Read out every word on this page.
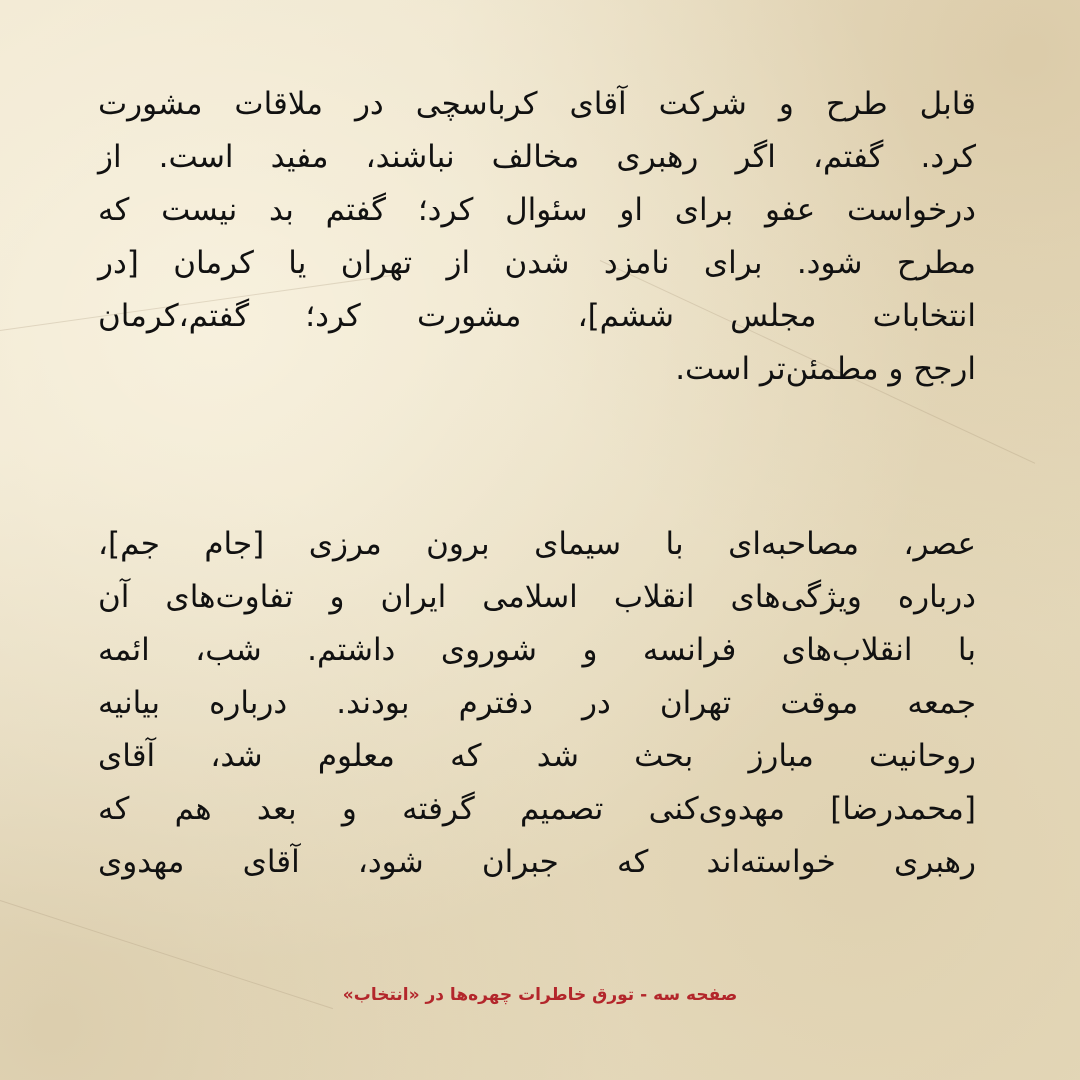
قابل طرح و شرکت آقای کرباسچی در ملاقات مشورت
کرد. گفتم، اگر رهبری مخالف نباشند، مفید است. از
درخواست عفو برای او سئوال کرد؛ گفتم بد نیست که
مطرح شود. برای نامزد شدن از تهران یا کرمان [در
انتخابات مجلس ششم]، مشورت کرد؛ گفتم،کرمان
ارجح و مطمئن‌تر است.
عصر، مصاحبه‌ای با سیمای برون مرزی [جام جم]،
درباره ویژگی‌های انقلاب اسلامی ایران و تفاوت‌های آن
با انقلاب‌های فرانسه و شوروی داشتم. شب، ائمه
جمعه موقت تهران در دفترم بودند. درباره بیانیه
روحانیت مبارز بحث شد که معلوم شد، آقای
[محمدرضا] مهدوی‌کنی تصمیم گرفته و بعد هم که
رهبری خواسته‌اند که جبران شود، آقای مهدوی
صفحه سه - تورق خاطرات چهره‌ها در «انتخاب»
